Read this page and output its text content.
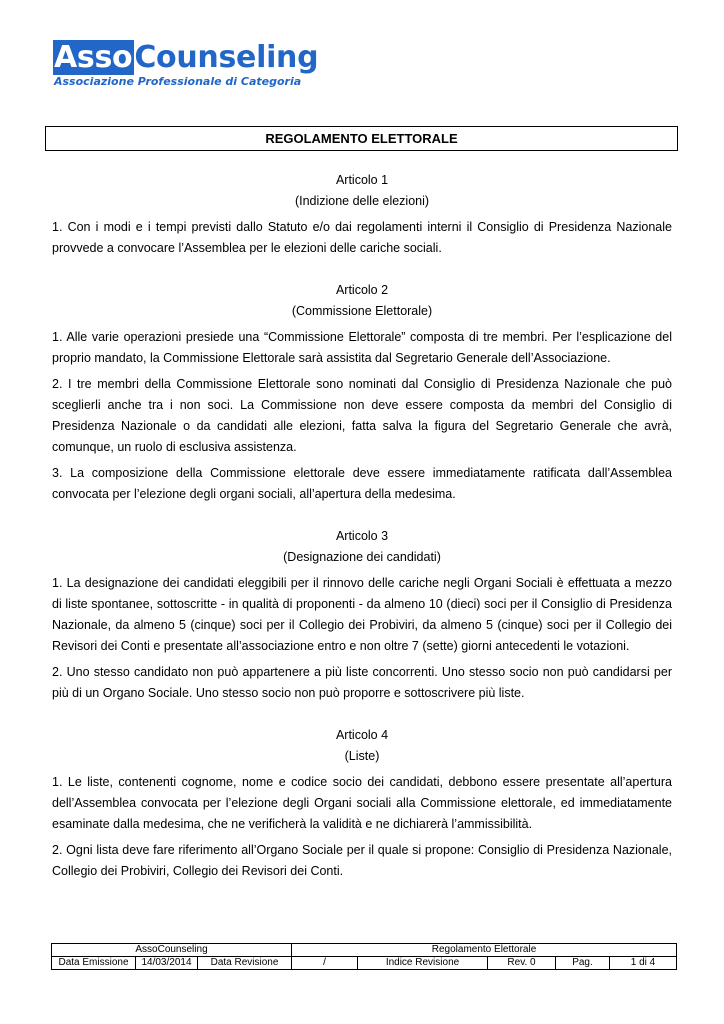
AssoCounseling
Associazione Professionale di Categoria
REGOLAMENTO ELETTORALE
Articolo 1
(Indizione delle elezioni)
1. Con i modi e i tempi previsti dallo Statuto e/o dai regolamenti interni il Consiglio di Presidenza Nazionale provvede a convocare l’Assemblea per le elezioni delle cariche sociali.
Articolo 2
(Commissione Elettorale)
1. Alle varie operazioni presiede una “Commissione Elettorale” composta di tre membri. Per l’esplicazione del proprio mandato, la Commissione Elettorale sarà assistita dal Segretario Generale dell’Associazione.
2. I tre membri della Commissione Elettorale sono nominati dal Consiglio di Presidenza Nazionale che può sceglierli anche tra i non soci. La Commissione non deve essere composta da membri del Consiglio di Presidenza Nazionale o da candidati alle elezioni, fatta salva la figura del Segretario Generale che avrà, comunque, un ruolo di esclusiva assistenza.
3. La composizione della Commissione elettorale deve essere immediatamente ratificata dall’Assemblea convocata per l’elezione degli organi sociali, all’apertura della medesima.
Articolo 3
(Designazione dei candidati)
1. La designazione dei candidati eleggibili per il rinnovo delle cariche negli Organi Sociali è effettuata a mezzo di liste spontanee, sottoscritte - in qualità di proponenti - da almeno 10 (dieci) soci per il Consiglio di Presidenza Nazionale, da almeno 5 (cinque) soci per il Collegio dei Probiviri, da almeno 5 (cinque) soci per il Collegio dei Revisori dei Conti e presentate all’associazione entro e non oltre 7 (sette) giorni antecedenti le votazioni.
2. Uno stesso candidato non può appartenere a più liste concorrenti. Uno stesso socio non può candidarsi per più di un Organo Sociale. Uno stesso socio non può proporre e sottoscrivere più liste.
Articolo 4
(Liste)
1. Le liste, contenenti cognome, nome e codice socio dei candidati, debbono essere presentate all’apertura dell’Assemblea convocata per l’elezione degli Organi sociali alla Commissione elettorale, ed immediatamente esaminate dalla medesima, che ne verificherà la validità e ne dichiarerà l’ammissibilità.
2. Ogni lista deve fare riferimento all’Organo Sociale per il quale si propone: Consiglio di Presidenza Nazionale, Collegio dei Probiviri, Collegio dei Revisori dei Conti.
AssoCounseling			Regolamento Elettorale				
Data Emissione	14/03/2014	Data Revisione	/	Indice Revisione	Rev. 0	Pag.	1 di 4
